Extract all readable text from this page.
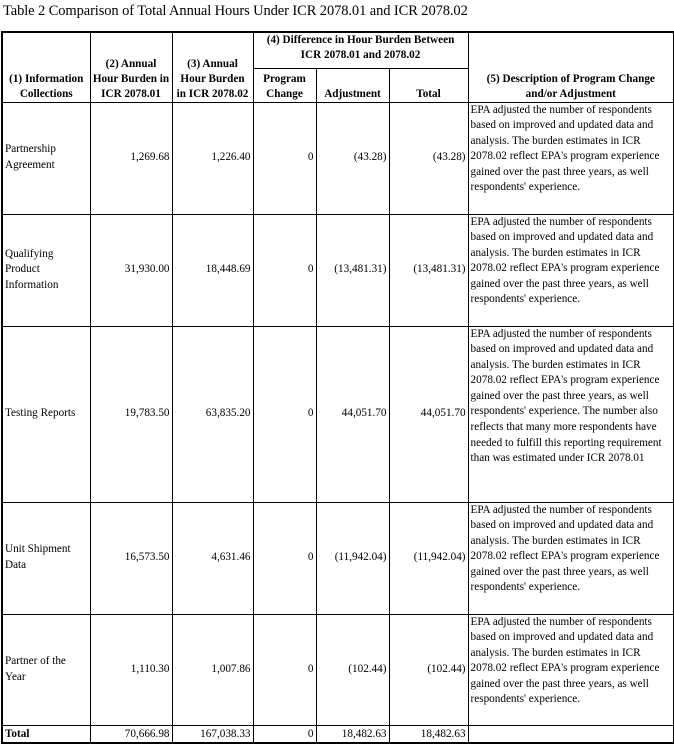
Table 2 Comparison of Total Annual Hours Under ICR 2078.01 and ICR 2078.02
(1) Information Collections	(2) Annual Hour Burden in ICR 2078.01	(3) Annual Hour Burden in ICR 2078.02	(4) Difference in Hour Burden Between ICR 2078.01 and 2078.02			(5) Description of Program Change and/or Adjustment
			Program Change	Adjustment	Total	
Partnership Agreement	1,269.68	1,226.40	0	(43.28)	(43.28)	EPA adjusted the number of respondents based on improved and updated data and analysis. The burden estimates in ICR 2078.02 reflect EPA's program experience gained over the past three years, as well respondents' experience.
Qualifying Product Information	31,930.00	18,448.69	0	(13,481.31)	(13,481.31)	EPA adjusted the number of respondents based on improved and updated data and analysis. The burden estimates in ICR 2078.02 reflect EPA's program experience gained over the past three years, as well respondents' experience.
Testing Reports	19,783.50	63,835.20	0	44,051.70	44,051.70	EPA adjusted the number of respondents based on improved and updated data and analysis. The burden estimates in ICR 2078.02 reflect EPA's program experience gained over the past three years, as well respondents' experience. The number also reflects that many more respondents have needed to fulfill this reporting requirement than was estimated under ICR 2078.01
Unit Shipment Data	16,573.50	4,631.46	0	(11,942.04)	(11,942.04)	EPA adjusted the number of respondents based on improved and updated data and analysis. The burden estimates in ICR 2078.02 reflect EPA's program experience gained over the past three years, as well respondents' experience.
Partner of the Year	1,110.30	1,007.86	0	(102.44)	(102.44)	EPA adjusted the number of respondents based on improved and updated data and analysis. The burden estimates in ICR 2078.02 reflect EPA's program experience gained over the past three years, as well respondents' experience.
Total	70,666.98	167,038.33	0	18,482.63	18,482.63	
